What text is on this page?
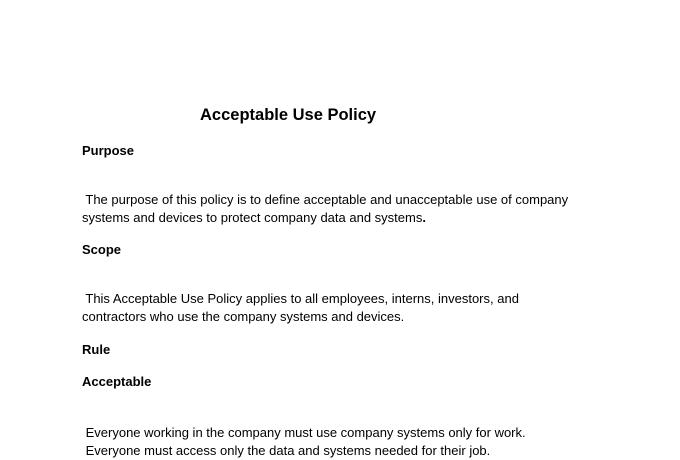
Acceptable Use Policy
Purpose
The purpose of this policy is to define acceptable and unacceptable use of company
systems and devices to protect company data and systems.
Scope
This Acceptable Use Policy applies to all employees, interns, investors, and
contractors who use the company systems and devices.
Rule
Acceptable
Everyone working in the company must use company systems only for work.
Everyone must access only the data and systems needed for their job.
